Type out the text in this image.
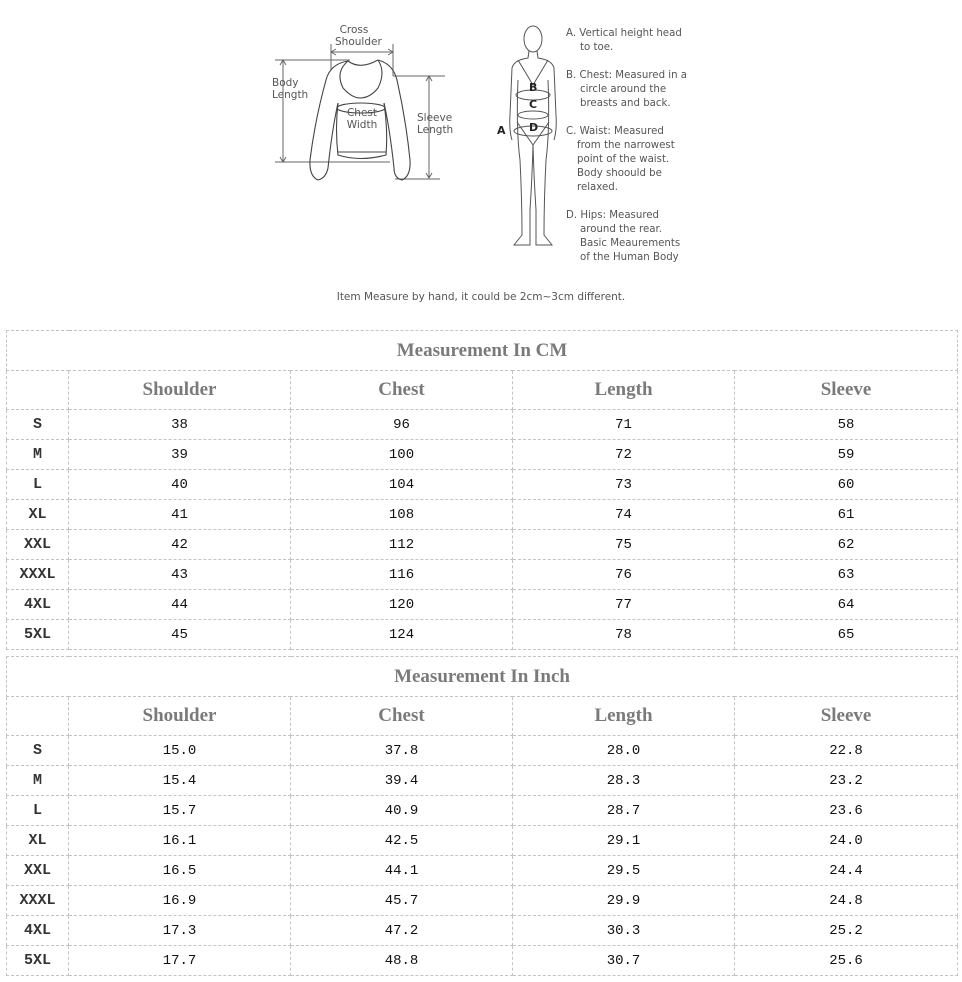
Cross
Shoulder
Body
Length
Chest
Width
Sleeve
Length
B
C
D
A
A. Vertical height head
to toe.
B. Chest: Measured in a
circle around the
breasts and back.
C. Waist: Measured
from the narrowest
point of the waist.
Body shoould be
relaxed.
D. Hips: Measured
around the rear.
Basic Meaurements
of the Human Body
Item Measure by hand, it could be 2cm~3cm different.
Measurement In CM				
	Shoulder	Chest	Length	Sleeve
S	38	96	71	58
M	39	100	72	59
L	40	104	73	60
XL	41	108	74	61
XXL	42	112	75	62
XXXL	43	116	76	63
4XL	44	120	77	64
5XL	45	124	78	65
Measurement In Inch				
	Shoulder	Chest	Length	Sleeve
S	15.0	37.8	28.0	22.8
M	15.4	39.4	28.3	23.2
L	15.7	40.9	28.7	23.6
XL	16.1	42.5	29.1	24.0
XXL	16.5	44.1	29.5	24.4
XXXL	16.9	45.7	29.9	24.8
4XL	17.3	47.2	30.3	25.2
5XL	17.7	48.8	30.7	25.6
